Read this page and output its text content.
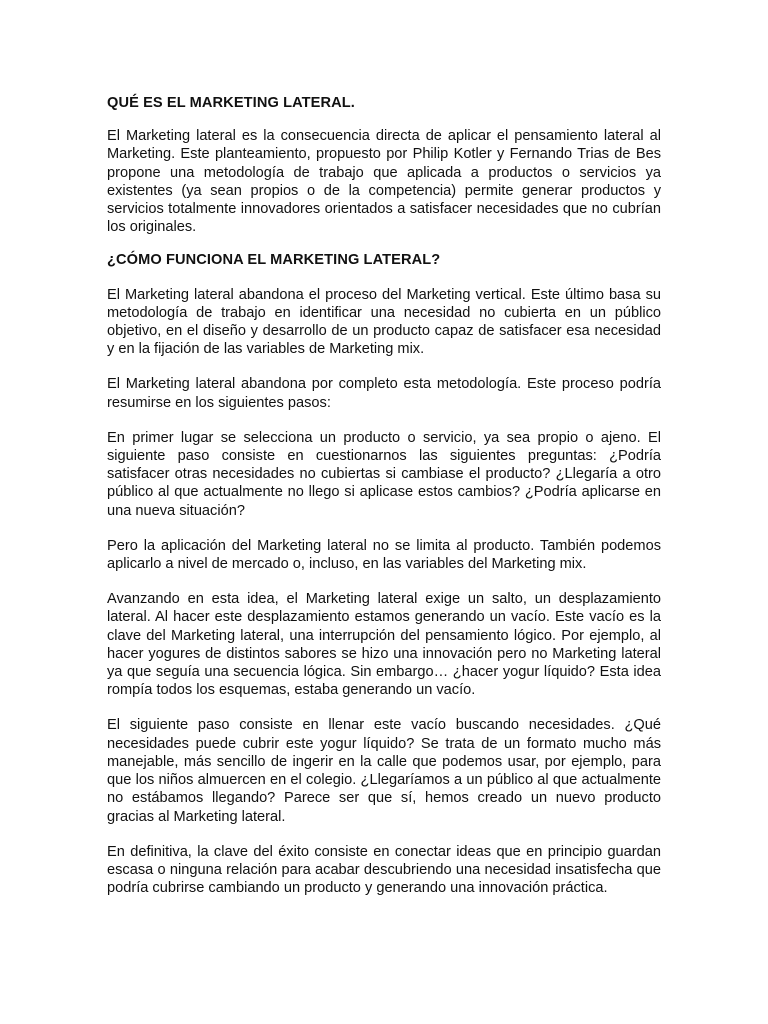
QUÉ ES EL MARKETING LATERAL.

El Marketing lateral es la consecuencia directa de aplicar el pensamiento lateral al Marketing. Este planteamiento, propuesto por Philip Kotler y Fernando Trias de Bes propone una metodología de trabajo que aplicada a productos o servicios ya existentes (ya sean propios o de la competencia) permite generar productos y servicios totalmente innovadores orientados a satisfacer necesidades que no cubrían los originales.

¿CÓMO FUNCIONA EL MARKETING LATERAL?

El Marketing lateral abandona el proceso del Marketing vertical. Este último basa su metodología de trabajo en identificar una necesidad no cubierta en un público objetivo, en el diseño y desarrollo de un producto capaz de satisfacer esa necesidad y en la fijación de las variables de Marketing mix.

El Marketing lateral abandona por completo esta metodología. Este proceso podría resumirse en los siguientes pasos:

En primer lugar se selecciona un producto o servicio, ya sea propio o ajeno. El siguiente paso consiste en cuestionarnos las siguientes preguntas: ¿Podría satisfacer otras necesidades no cubiertas si cambiase el producto? ¿Llegaría a otro público al que actualmente no llego si aplicase estos cambios? ¿Podría aplicarse en una nueva situación?

Pero la aplicación del Marketing lateral no se limita al producto. También podemos aplicarlo a nivel de mercado o, incluso, en las variables del Marketing mix.

Avanzando en esta idea, el Marketing lateral exige un salto, un desplazamiento lateral. Al hacer este desplazamiento estamos generando un vacío. Este vacío es la clave del Marketing lateral, una interrupción del pensamiento lógico. Por ejemplo, al hacer yogures de distintos sabores se hizo una innovación pero no Marketing lateral ya que seguía una secuencia lógica. Sin embargo… ¿hacer yogur líquido? Esta idea rompía todos los esquemas, estaba generando un vacío.

El siguiente paso consiste en llenar este vacío buscando necesidades. ¿Qué necesidades puede cubrir este yogur líquido? Se trata de un formato mucho más manejable, más sencillo de ingerir en la calle que podemos usar, por ejemplo, para que los niños almuercen en el colegio. ¿Llegaríamos a un público al que actualmente no estábamos llegando? Parece ser que sí, hemos creado un nuevo producto gracias al Marketing lateral.

En definitiva, la clave del éxito consiste en conectar ideas que en principio guardan escasa o ninguna relación para acabar descubriendo una necesidad insatisfecha que podría cubrirse cambiando un producto y generando una innovación práctica.
